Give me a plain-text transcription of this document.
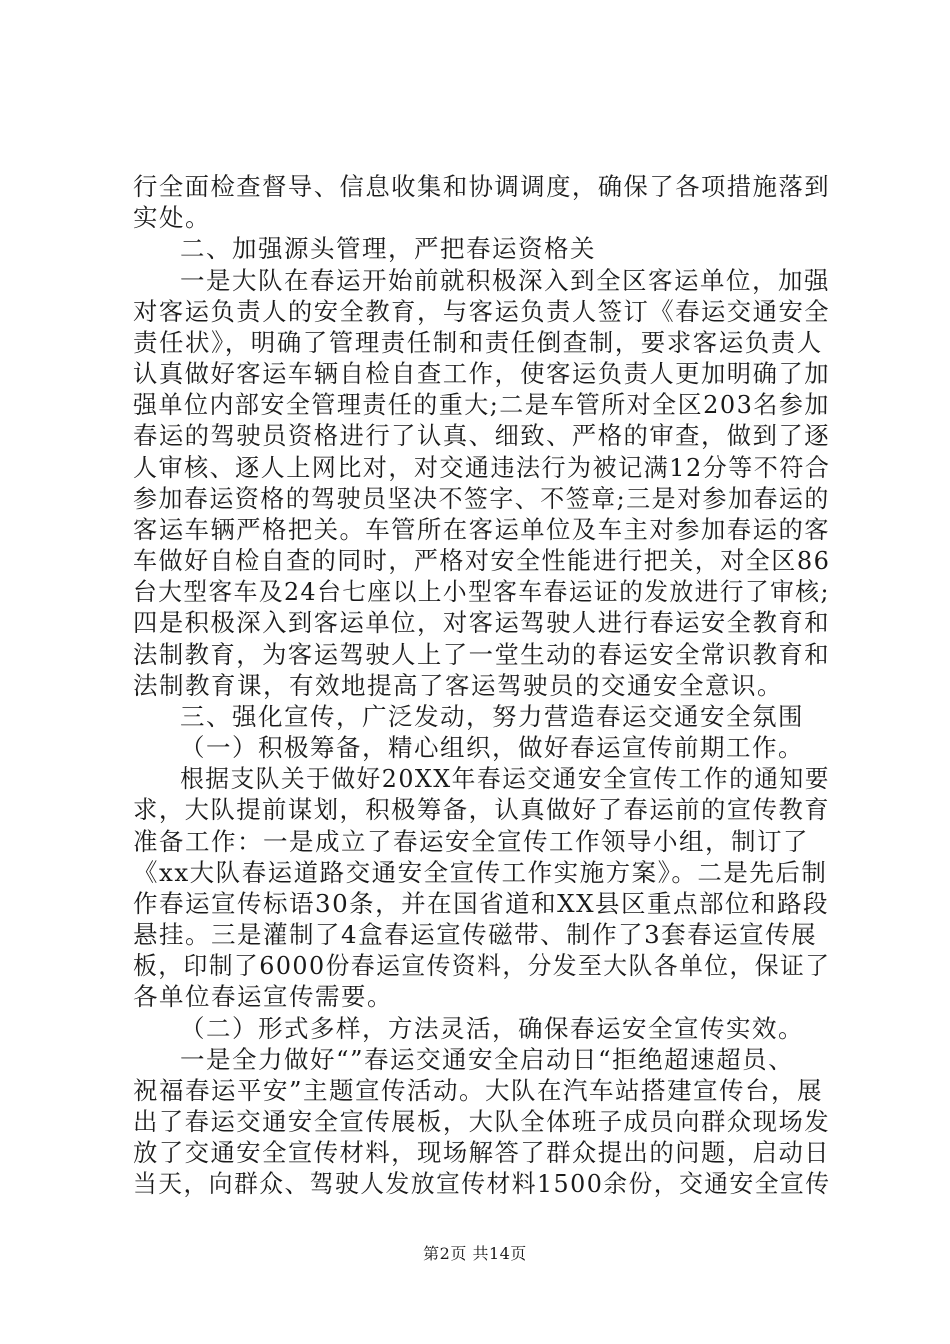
行全面检查督导、信息收集和协调调度，确保了各项措施落到
实处。
二、加强源头管理，严把春运资格关
一是大队在春运开始前就积极深入到全区客运单位，加强
对客运负责人的安全教育，与客运负责人签订《春运交通安全
责任状》，明确了管理责任制和责任倒查制，要求客运负责人
认真做好客运车辆自检自查工作，使客运负责人更加明确了加
强单位内部安全管理责任的重大;二是车管所对全区203名参加
春运的驾驶员资格进行了认真、细致、严格的审查，做到了逐
人审核、逐人上网比对，对交通违法行为被记满12分等不符合
参加春运资格的驾驶员坚决不签字、不签章;三是对参加春运的
客运车辆严格把关。车管所在客运单位及车主对参加春运的客
车做好自检自查的同时，严格对安全性能进行把关，对全区86
台大型客车及24台七座以上小型客车春运证的发放进行了审核;
四是积极深入到客运单位，对客运驾驶人进行春运安全教育和
法制教育，为客运驾驶人上了一堂生动的春运安全常识教育和
法制教育课，有效地提高了客运驾驶员的交通安全意识。
三、强化宣传，广泛发动，努力营造春运交通安全氛围
（一）积极筹备，精心组织，做好春运宣传前期工作。
根据支队关于做好20XX年春运交通安全宣传工作的通知要
求，大队提前谋划，积极筹备，认真做好了春运前的宣传教育
准备工作：一是成立了春运安全宣传工作领导小组，制订了
《xx大队春运道路交通安全宣传工作实施方案》。二是先后制
作春运宣传标语30条，并在国省道和XX县区重点部位和路段
悬挂。三是灌制了4盒春运宣传磁带、制作了3套春运宣传展
板，印制了6000份春运宣传资料，分发至大队各单位，保证了
各单位春运宣传需要。
（二）形式多样，方法灵活，确保春运安全宣传实效。
一是全力做好“”春运交通安全启动日“拒绝超速超员、
祝福春运平安”主题宣传活动。大队在汽车站搭建宣传台，展
出了春运交通安全宣传展板，大队全体班子成员向群众现场发
放了交通安全宣传材料，现场解答了群众提出的问题，启动日
当天，向群众、驾驶人发放宣传材料1500余份，交通安全宣传
第2页 共14页
